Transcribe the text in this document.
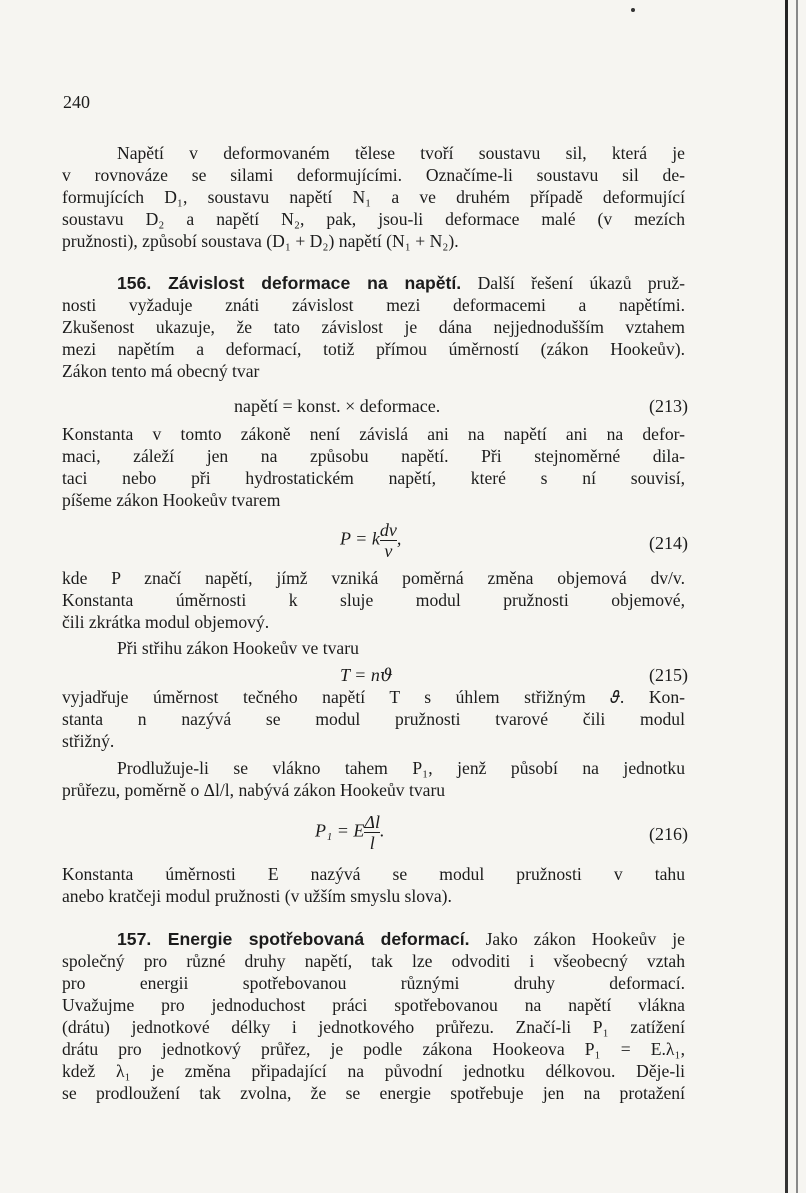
240
Napětí v deformovaném tělese tvoří soustavu sil, která je
v rovnováze se silami deformujícími. Označíme-li soustavu sil de-
formujících D₁, soustavu napětí N₁ a ve druhém případě deformující
soustavu D₂ a napětí N₂, pak, jsou-li deformace malé (v mezích
pružnosti), způsobí soustava (D₁ + D₂) napětí (N₁ + N₂).
156. Závislost deformace na napětí. Další řešení úkazů pruž-
nosti vyžaduje znáti závislost mezi deformacemi a napětími.
Zkušenost ukazuje, že tato závislost je dána nejjednodušším vztahem
mezi napětím a deformací, totiž přímou úměrností (zákon Hookeův).
Zákon tento má obecný tvar
napětí = konst. × deformace.	(213)
Konstanta v tomto zákoně není závislá ani na napětí ani na defor-
maci, záleží jen na způsobu napětí. Při stejnoměrné dila-
taci nebo při hydrostatickém napětí, které s ní souvisí,
píšeme zákon Hookeův tvarem
P = k $\frac{dv}{v}$ ,	(214)
kde P značí napětí, jímž vzniká poměrná změna objemová dv/v.
Konstanta úměrnosti k sluje modul pružnosti objemové,
čili zkrátka modul objemový.
Při střihu zákon Hookeův ve tvaru
T = n𝜗	(215)
vyjadřuje úměrnost tečného napětí T s úhlem střižným 𝜗. Kon-
stanta n nazývá se modul pružnosti tvarové čili modul
střižný.
Prodlužuje-li se vlákno tahem P₁, jenž působí na jednotku
průřezu, poměrně o Δl/l, nabývá zákon Hookeův tvaru
P₁ = E $\frac{\Delta l}{l}$ .	(216)
Konstanta úměrnosti E nazývá se modul pružnosti v tahu
anebo kratčeji modul pružnosti (v užším smyslu slova).
157. Energie spotřebovaná deformací. Jako zákon Hookeův je
společný pro různé druhy napětí, tak lze odvoditi i všeobecný vztah
pro energii spotřebovanou různými druhy deformací.
Uvažujme pro jednoduchost práci spotřebovanou na napětí vlákna
(drátu) jednotkové délky i jednotkového průřezu. Značí-li P₁ zatížení
drátu pro jednotkový průřez, je podle zákona Hookeova P₁ = E.λ₁,
kdež λ₁ je změna připadající na původní jednotku délkovou. Děje-li
se prodloužení tak zvolna, že se energie spotřebuje jen na protažení
